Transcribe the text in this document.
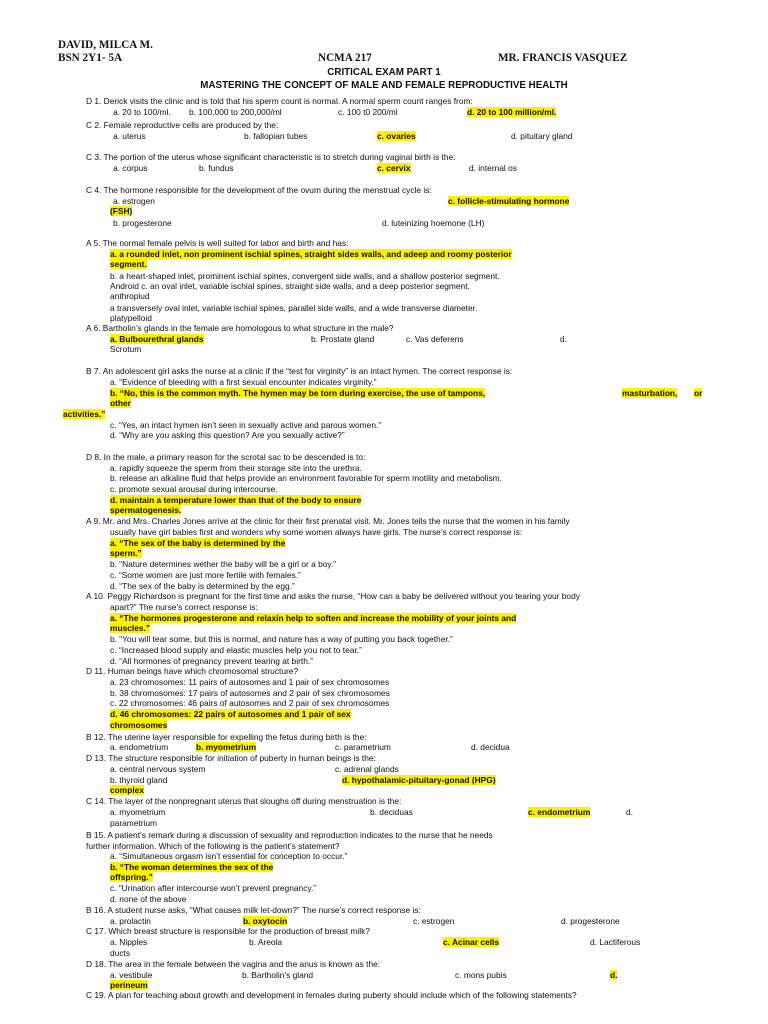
DAVID, MILCA M.
BSN 2Y1- 5A	NCMA 217	MR. FRANCIS VASQUEZ
CRITICAL EXAM PART 1
MASTERING THE CONCEPT OF MALE AND FEMALE REPRODUCTIVE HEALTH
D 1. Derick visits the clinic and is told that his sperm count is normal. A normal sperm count ranges from:
a. 20 to 100/ml. b. 100,000 to 200,000/ml	c. 100 t0 200/ml	d. 20 to 100 million/ml.
C 2. Female reproductive cells are produced by the:
a. uterus	b. fallopian tubes	c. ovaries	d. pituitary gland
C 3. The portion of the uterus whose significant characteristic is to stretch during vaginal birth is the:
a. corpus	b. fundus	c. cervix	d. internal os
C 4. The hormone responsible for the development of the ovum during the menstrual cycle is:
a. estrogen	c. follicle-stimulating hormone
(FSH)
b. progesterone	d. luteinizing hoemone (LH)
A 5. The normal female pelvis is well suited for labor and birth and has:
a. a rounded inlet, non prominent ischial spines, straight sides walls, and adeep and roomy posterior
segment.
b. a heart-shaped inlet, prominent ischial spines, convergent side walls, and a shallow posterior segment.
Android c. an oval inlet, variable ischial spines, straight side walls, and a deep posterior segment.
anthropiud
a transversely oval inlet, variable ischial spines, parallel side walls, and a wide transverse diameter.
platypelloid
A 6. Bartholin’s glands in the female are homologous to what structure in the male?
a. Bulbourethral glands	b. Prostate gland	c. Vas deferens	d.
Scrotum
B 7. An adolescent girl asks the nurse at a clinic if the “test for virginity” is an intact hymen. The correct response is:
a. “Evidence of bleeding with a first sexual encounter indicates virginity.”
b. “No, this is the common myth. The hymen may be torn during exercise, the use of tampons,	masturbation, or
other
activities.”
c. “Yes, an intact hymen isn’t seen in sexually active and parous women.”
d. “Why are you asking this question? Are you sexually active?”
D 8. In the male, a primary reason for the scrotal sac to be descended is to:
a. rapidly squeeze the sperm from their storage site into the urethra.
b. release an alkaline fluid that helps provide an environment favorable for sperm motility and metabolism.
c. promote sexual arousal during intercourse.
d. maintain a temperature lower than that of the body to ensure
spermatogenesis.
A 9. Mr. and Mrs. Charles Jones arrive at the clinic for their first prenatal visit. Mr. Jones tells the nurse that the women in his family
usually have girl babies first and wonders why some women always have girls. The nurse’s correct response is:
a. “The sex of the baby is determined by the
sperm.”
b. “Nature determines wether the baby will be a girl or a boy.”
c. “Some women are just more fertile with females.”
d. “The sex of the baby is determined by the egg.”
A 10. Peggy Richardson is pregnant for the first time and asks the nurse, “How can a baby be delivered without you tearing your body
apart?” The nurse’s correct response is:
a. “The hormones progesterone and relaxin help to soften and increase the mobility of your joints and
muscles.”
b. “You will tear some, but this is normal, and nature has a way of putting you back together.”
c. “Increased blood supply and elastic muscles help you not to tear.”
d. “All hormones of pregnancy prevent tearing at birth.”
D 11. Human beings have which chromosomal structure?
a. 23 chromosomes: 11 pairs of autosomes and 1 pair of sex chromosomes
b. 38 chromosomes: 17 pairs of autosomes and 2 pair of sex chromosomes
c. 22 chromosomes: 46 pairs of autosomes and 2 pair of sex chromosomes
d. 46 chromosomes: 22 pairs of autosomes and 1 pair of sex
chromosomes
B 12. The uterine layer responsible for expelling the fetus during birth is the:
a. endometrium	b. myometrium	c. parametrium	d. decidua
D 13. The structure responsible for initiation of puberty in human beings is the:
a. central nervous system	c. adrenal glands
b. thyroid gland	d. hypothalamic-pituitary-gonad (HPG)
complex
C 14. The layer of the nonpregnant uterus that sloughs off during menstruation is the:
a. myometrium	b. deciduas	c. endometrium	d.
parametrium
B 15. A patient’s remark during a discussion of sexuality and reproduction indicates to the nurse that he needs
further information. Which of the following is the patient’s statement?
a. “Simultaneous orgasm isn’t essential for conception to occur.”
b. “The woman determines the sex of the
offspring.”
c. “Urination after intercourse won’t prevent pregnancy.”
d. none of the above
B 16. A student nurse asks, “What causes milk let-down?” The nurse’s correct response is:
a. prolactin	b. oxytocin	c. estrogen	d. progesterone
C 17. Which breast structure is responsible for the production of breast milk?
a. Nipples	b. Areola	c. Acinar cells	d. Lactiferous
ducts
D 18. The area in the female between the vagina and the anus is known as the:
a. vestibule	b. Bartholin’s gland	c. mons pubis	d.
perineum
C 19. A plan for teaching about growth and development in females during puberty should include which of the following statements?
